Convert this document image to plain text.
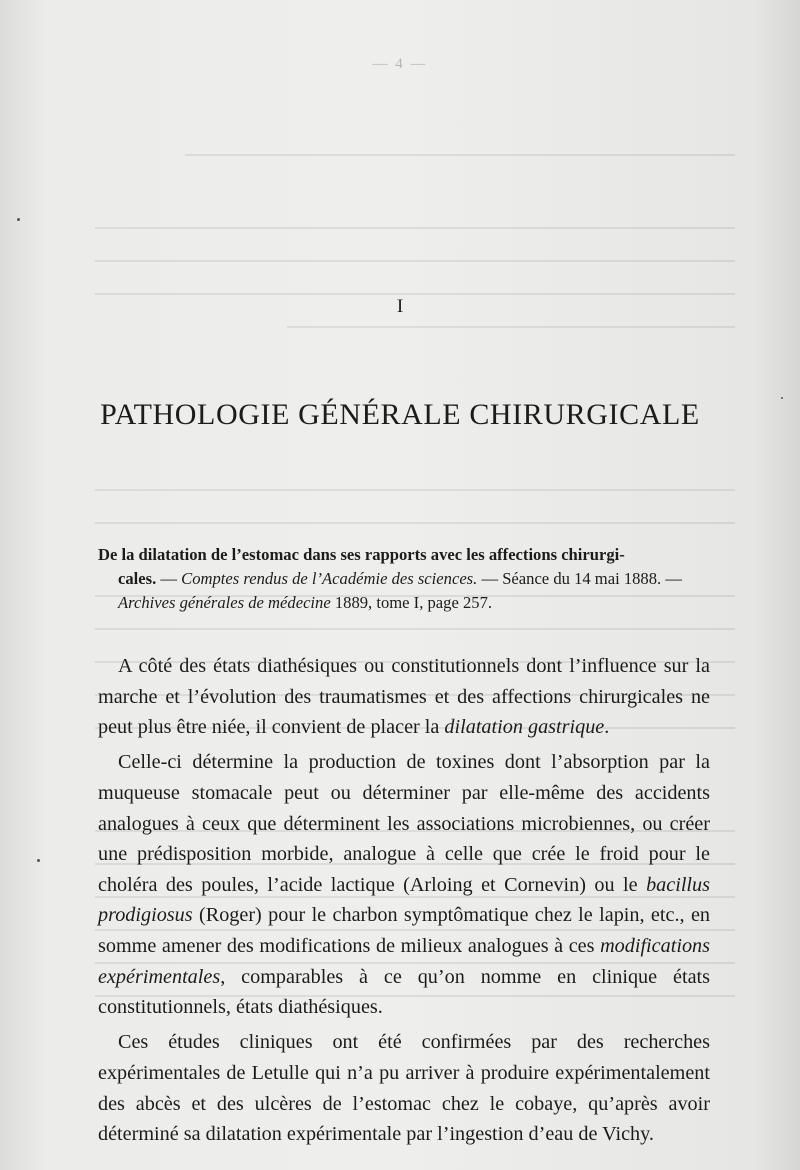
— 4 —
I
PATHOLOGIE GÉNÉRALE CHIRURGICALE
De la dilatation de l’estomac dans ses rapports avec les affections chirurgi-
cales. — Comptes rendus de l’Académie des sciences. — Séance du 14 mai 1888. —
Archives générales de médecine 1889, tome I, page 257.

A côté des états diathésiques ou constitutionnels dont l’influence sur la marche et l’évolution des traumatismes et des affections chirurgicales ne peut plus être niée, il convient de placer la dilatation gastrique.

Celle-ci détermine la production de toxines dont l’absorption par la muqueuse stomacale peut ou déterminer par elle-même des accidents analogues à ceux que déterminent les associations microbiennes, ou créer une prédisposition morbide, analogue à celle que crée le froid pour le choléra des poules, l’acide lactique (Arloing et Cornevin) ou le bacillus prodigiosus (Roger) pour le charbon symptômatique chez le lapin, etc., en somme amener des modifications de milieux analogues à ces modifications expérimentales, comparables à ce qu’on nomme en clinique états constitutionnels, états diathésiques.

Ces études cliniques ont été confirmées par des recherches expérimentales de Letulle qui n’a pu arriver à produire expérimentalement des abcès et des ulcères de l’estomac chez le cobaye, qu’après avoir déterminé sa dilatation expérimentale par l’ingestion d’eau de Vichy.
